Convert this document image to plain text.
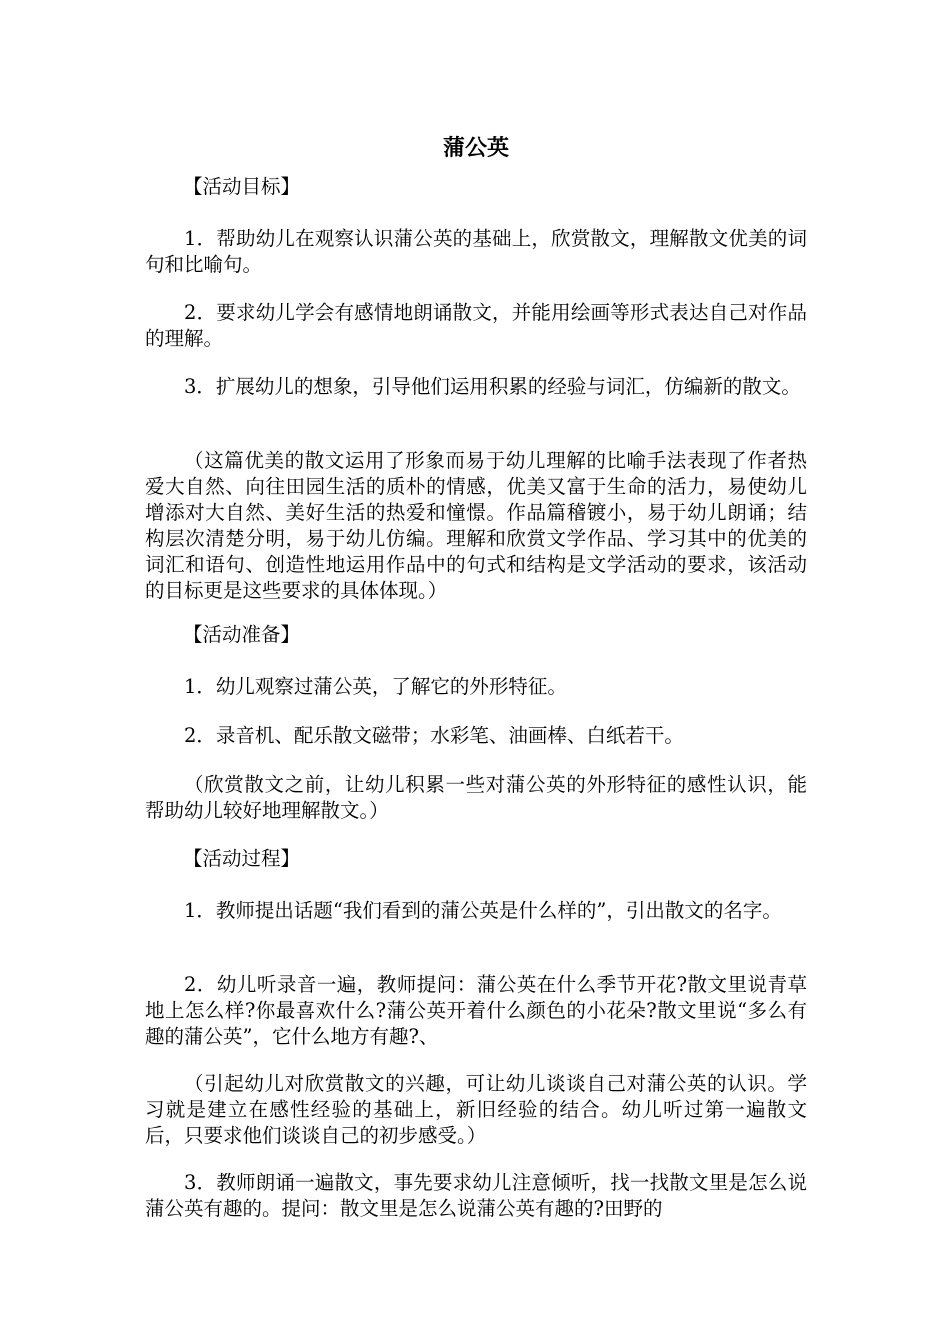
蒲公英

【活动目标】

1．帮助幼儿在观察认识蒲公英的基础上，欣赏散文，理解散文优美的词句和比喻句。

2．要求幼儿学会有感情地朗诵散文，并能用绘画等形式表达自己对作品的理解。

3．扩展幼儿的想象，引导他们运用积累的经验与词汇，仿编新的散文。

（这篇优美的散文运用了形象而易于幼儿理解的比喻手法表现了作者热爱大自然、向往田园生活的质朴的情感，优美又富于生命的活力，易使幼儿增添对大自然、美好生活的热爱和憧憬。作品篇稽镀小，易于幼儿朗诵；结构层次清楚分明，易于幼儿仿编。理解和欣赏文学作品、学习其中的优美的词汇和语句、创造性地运用作品中的句式和结构是文学活动的要求，该活动的目标更是这些要求的具体体现。）

【活动准备】

1．幼儿观察过蒲公英，了解它的外形特征。

2．录音机、配乐散文磁带；水彩笔、油画棒、白纸若干。

（欣赏散文之前，让幼儿积累一些对蒲公英的外形特征的感性认识，能帮助幼儿较好地理解散文。）

【活动过程】

1．教师提出话题“我们看到的蒲公英是什么样的”，引出散文的名字。

2．幼儿听录音一遍，教师提问：蒲公英在什么季节开花?散文里说青草地上怎么样?你最喜欢什么?蒲公英开着什么颜色的小花朵?散文里说“多么有趣的蒲公英”，它什么地方有趣?、

（引起幼儿对欣赏散文的兴趣，可让幼儿谈谈自己对蒲公英的认识。学习就是建立在感性经验的基础上，新旧经验的结合。幼儿听过第一遍散文后，只要求他们谈谈自己的初步感受。）

3．教师朗诵一遍散文，事先要求幼儿注意倾听，找一找散文里是怎么说蒲公英有趣的。提问：散文里是怎么说蒲公英有趣的?田野的
